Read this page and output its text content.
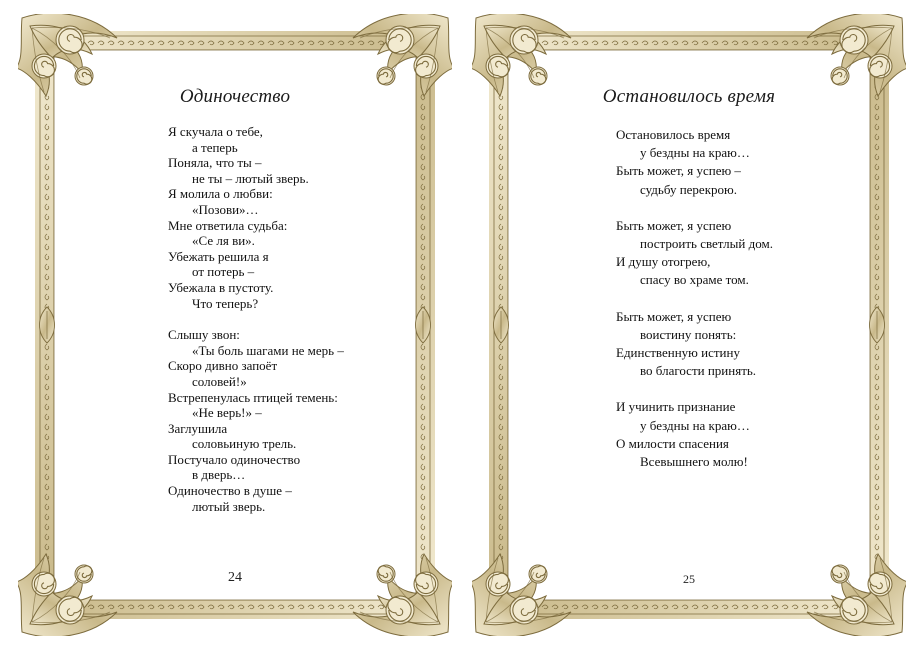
Одиночество
Я скучала о тебе,
а теперь
Поняла, что ты –
не ты – лютый зверь.
Я молила о любви:
«Позови»…
Мне ответила судьба:
«Се ля ви».
Убежать решила я
от потерь –
Убежала в пустоту.
Что теперь?
Слышу звон:
«Ты боль шагами не мерь –
Скоро дивно запоёт
соловей!»
Встрепенулась птицей темень:
«Не верь!» –
Заглушила
соловьиную трель.
Постучало одиночество
в дверь…
Одиночество в душе –
лютый зверь.
24
Остановилось время
Остановилось время
у бездны на краю…
Быть может, я успею –
судьбу перекрою.
Быть может, я успею
построить светлый дом.
И душу отогрею,
спасу во храме том.
Быть может, я успею
воистину понять:
Единственную истину
во благости принять.
И учинить признание
у бездны на краю…
О милости спасения
Всевышнего молю!
25
